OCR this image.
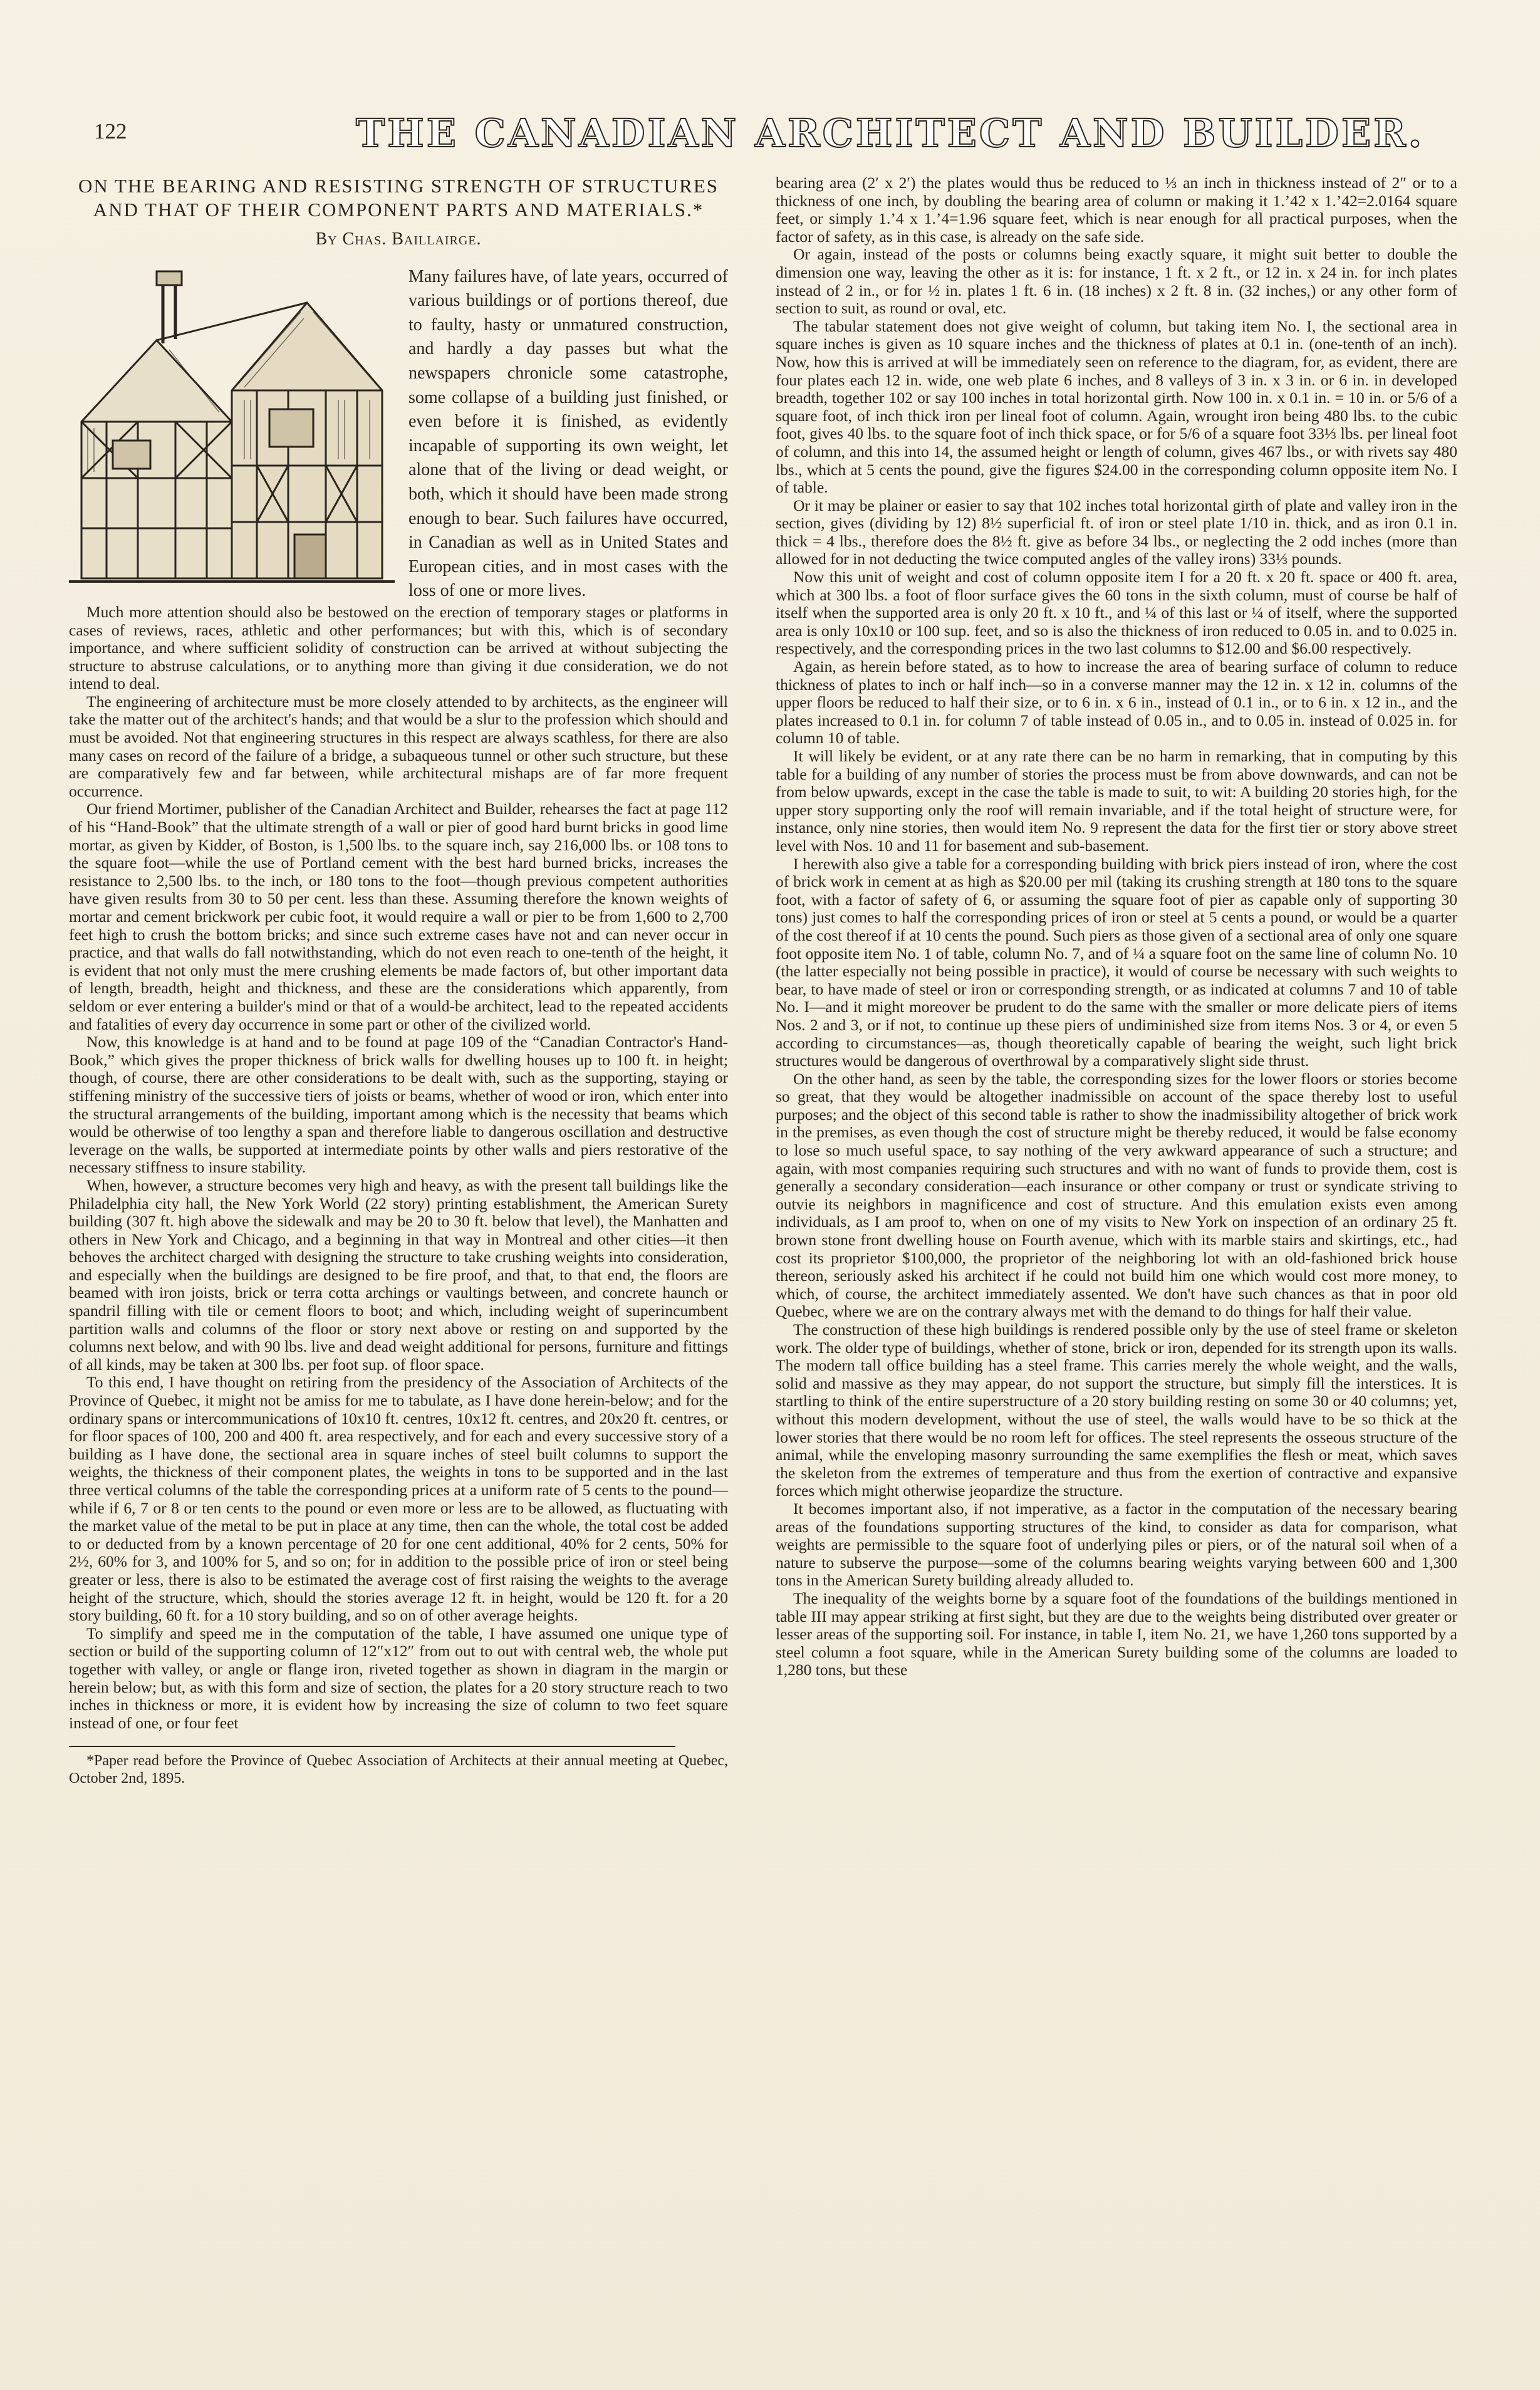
122	THE CANADIAN ARCHITECT AND BUILDER.
ON THE BEARING AND RESISTING STRENGTH OF STRUCTURES AND THAT OF THEIR COMPONENT PARTS AND MATERIALS.*
By Chas. Baillairge.

Many failures have, of late years, occurred of various buildings or of portions thereof, due to faulty, hasty or unmatured construction, and hardly a day passes but what the newspapers chronicle some catastrophe, some collapse of a building just finished, or even before it is finished, as evidently incapable of supporting its own weight, let alone that of the living or dead weight, or both, which it should have been made strong enough to bear. Such failures have occurred, in Canadian as well as in United States and European cities, and in most cases with the loss of one or more lives.

Much more attention should also be bestowed on the erection of temporary stages or platforms in cases of reviews, races, athletic and other performances; but with this, which is of secondary importance, and where sufficient solidity of construction can be arrived at without subjecting the structure to abstruse calculations, or to anything more than giving it due consideration, we do not intend to deal.

The engineering of architecture must be more closely attended to by architects, as the engineer will take the matter out of the architect's hands; and that would be a slur to the profession which should and must be avoided. Not that engineering structures in this respect are always scathless, for there are also many cases on record of the failure of a bridge, a subaqueous tunnel or other such structure, but these are comparatively few and far between, while architectural mishaps are of far more frequent occurrence.

Our friend Mortimer, publisher of the Canadian Architect and Builder, rehearses the fact at page 112 of his “Hand-Book” that the ultimate strength of a wall or pier of good hard burnt bricks in good lime mortar, as given by Kidder, of Boston, is 1,500 lbs. to the square inch, say 216,000 lbs. or 108 tons to the square foot—while the use of Portland cement with the best hard burned bricks, increases the resistance to 2,500 lbs. to the inch, or 180 tons to the foot—though previous competent authorities have given results from 30 to 50 per cent. less than these. Assuming therefore the known weights of mortar and cement brickwork per cubic foot, it would require a wall or pier to be from 1,600 to 2,700 feet high to crush the bottom bricks; and since such extreme cases have not and can never occur in practice, and that walls do fall notwithstanding, which do not even reach to one-tenth of the height, it is evident that not only must the mere crushing elements be made factors of, but other important data of length, breadth, height and thickness, and these are the considerations which apparently, from seldom or ever entering a builder's mind or that of a would-be architect, lead to the repeated accidents and fatalities of every day occurrence in some part or other of the civilized world.

Now, this knowledge is at hand and to be found at page 109 of the “Canadian Contractor's Hand-Book,” which gives the proper thickness of brick walls for dwelling houses up to 100 ft. in height; though, of course, there are other considerations to be dealt with, such as the supporting, staying or stiffening ministry of the successive tiers of joists or beams, whether of wood or iron, which enter into the structural arrangements of the building, important among which is the necessity that beams which would be otherwise of too lengthy a span and therefore liable to dangerous oscillation and destructive leverage on the walls, be supported at intermediate points by other walls and piers restorative of the necessary stiffness to insure stability.

When, however, a structure becomes very high and heavy, as with the present tall buildings like the Philadelphia city hall, the New York World (22 story) printing establishment, the American Surety building (307 ft. high above the sidewalk and may be 20 to 30 ft. below that level), the Manhatten and others in New York and Chicago, and a beginning in that way in Montreal and other cities—it then behoves the architect charged with designing the structure to take crushing weights into consideration, and especially when the buildings are designed to be fire proof, and that, to that end, the floors are beamed with iron joists, brick or terra cotta archings or vaultings between, and concrete haunch or spandril filling with tile or cement floors to boot; and which, including weight of superincumbent partition walls and columns of the floor or story next above or resting on and supported by the columns next below, and with 90 lbs. live and dead weight additional for persons, furniture and fittings of all kinds, may be taken at 300 lbs. per foot sup. of floor space.

To this end, I have thought on retiring from the presidency of the Association of Architects of the Province of Quebec, it might not be amiss for me to tabulate, as I have done herein-below; and for the ordinary spans or intercommunications of 10x10 ft. centres, 10x12 ft. centres, and 20x20 ft. centres, or for floor spaces of 100, 200 and 400 ft. area respectively, and for each and every successive story of a building as I have done, the sectional area in square inches of steel built columns to support the weights, the thickness of their component plates, the weights in tons to be supported and in the last three vertical columns of the table the corresponding prices at a uniform rate of 5 cents to the pound—while if 6, 7 or 8 or ten cents to the pound or even more or less are to be allowed, as fluctuating with the market value of the metal to be put in place at any time, then can the whole, the total cost be added to or deducted from by a known percentage of 20 for one cent additional, 40% for 2 cents, 50% for 2½, 60% for 3, and 100% for 5, and so on; for in addition to the possible price of iron or steel being greater or less, there is also to be estimated the average cost of first raising the weights to the average height of the structure, which, should the stories average 12 ft. in height, would be 120 ft. for a 20 story building, 60 ft. for a 10 story building, and so on of other average heights.

To simplify and speed me in the computation of the table, I have assumed one unique type of section or build of the supporting column of 12″x12″ from out to out with central web, the whole put together with valley, or angle or flange iron, riveted together as shown in diagram in the margin or herein below; but, as with this form and size of section, the plates for a 20 story structure reach to two inches in thickness or more, it is evident how by increasing the size of column to two feet square instead of one, or four feet

*Paper read before the Province of Quebec Association of Architects at their annual meeting at Quebec, October 2nd, 1895.

bearing area (2′ x 2′) the plates would thus be reduced to ⅓ an inch in thickness instead of 2″ or to a thickness of one inch, by doubling the bearing area of column or making it 1.’42 x 1.’42=2.0164 square feet, or simply 1.’4 x 1.’4=1.96 square feet, which is near enough for all practical purposes, when the factor of safety, as in this case, is already on the safe side.

Or again, instead of the posts or columns being exactly square, it might suit better to double the dimension one way, leaving the other as it is: for instance, 1 ft. x 2 ft., or 12 in. x 24 in. for inch plates instead of 2 in., or for ½ in. plates 1 ft. 6 in. (18 inches) x 2 ft. 8 in. (32 inches,) or any other form of section to suit, as round or oval, etc.

The tabular statement does not give weight of column, but taking item No. I, the sectional area in square inches is given as 10 square inches and the thickness of plates at 0.1 in. (one-tenth of an inch). Now, how this is arrived at will be immediately seen on reference to the diagram, for, as evident, there are four plates each 12 in. wide, one web plate 6 inches, and 8 valleys of 3 in. x 3 in. or 6 in. in developed breadth, together 102 or say 100 inches in total horizontal girth. Now 100 in. x 0.1 in. = 10 in. or 5/6 of a square foot, of inch thick iron per lineal foot of column. Again, wrought iron being 480 lbs. to the cubic foot, gives 40 lbs. to the square foot of inch thick space, or for 5/6 of a square foot 33⅓ lbs. per lineal foot of column, and this into 14, the assumed height or length of column, gives 467 lbs., or with rivets say 480 lbs., which at 5 cents the pound, give the figures $24.00 in the corresponding column opposite item No. I of table.

Or it may be plainer or easier to say that 102 inches total horizontal girth of plate and valley iron in the section, gives (dividing by 12) 8½ superficial ft. of iron or steel plate 1/10 in. thick, and as iron 0.1 in. thick = 4 lbs., therefore does the 8½ ft. give as before 34 lbs., or neglecting the 2 odd inches (more than allowed for in not deducting the twice computed angles of the valley irons) 33⅓ pounds.

Now this unit of weight and cost of column opposite item I for a 20 ft. x 20 ft. space or 400 ft. area, which at 300 lbs. a foot of floor surface gives the 60 tons in the sixth column, must of course be half of itself when the supported area is only 20 ft. x 10 ft., and ¼ of this last or ¼ of itself, where the supported area is only 10x10 or 100 sup. feet, and so is also the thickness of iron reduced to 0.05 in. and to 0.025 in. respectively, and the corresponding prices in the two last columns to $12.00 and $6.00 respectively.

Again, as herein before stated, as to how to increase the area of bearing surface of column to reduce thickness of plates to inch or half inch—so in a converse manner may the 12 in. x 12 in. columns of the upper floors be reduced to half their size, or to 6 in. x 6 in., instead of 0.1 in., or to 6 in. x 12 in., and the plates increased to 0.1 in. for column 7 of table instead of 0.05 in., and to 0.05 in. instead of 0.025 in. for column 10 of table.

It will likely be evident, or at any rate there can be no harm in remarking, that in computing by this table for a building of any number of stories the process must be from above downwards, and can not be from below upwards, except in the case the table is made to suit, to wit: A building 20 stories high, for the upper story supporting only the roof will remain invariable, and if the total height of structure were, for instance, only nine stories, then would item No. 9 represent the data for the first tier or story above street level with Nos. 10 and 11 for basement and sub-basement.

I herewith also give a table for a corresponding building with brick piers instead of iron, where the cost of brick work in cement at as high as $20.00 per mil (taking its crushing strength at 180 tons to the square foot, with a factor of safety of 6, or assuming the square foot of pier as capable only of supporting 30 tons) just comes to half the corresponding prices of iron or steel at 5 cents a pound, or would be a quarter of the cost thereof if at 10 cents the pound. Such piers as those given of a sectional area of only one square foot opposite item No. 1 of table, column No. 7, and of ¼ a square foot on the same line of column No. 10 (the latter especially not being possible in practice), it would of course be necessary with such weights to bear, to have made of steel or iron or corresponding strength, or as indicated at columns 7 and 10 of table No. I—and it might moreover be prudent to do the same with the smaller or more delicate piers of items Nos. 2 and 3, or if not, to continue up these piers of undiminished size from items Nos. 3 or 4, or even 5 according to circumstances—as, though theoretically capable of bearing the weight, such light brick structures would be dangerous of overthrowal by a comparatively slight side thrust.

On the other hand, as seen by the table, the corresponding sizes for the lower floors or stories become so great, that they would be altogether inadmissible on account of the space thereby lost to useful purposes; and the object of this second table is rather to show the inadmissibility altogether of brick work in the premises, as even though the cost of structure might be thereby reduced, it would be false economy to lose so much useful space, to say nothing of the very awkward appearance of such a structure; and again, with most companies requiring such structures and with no want of funds to provide them, cost is generally a secondary consideration—each insurance or other company or trust or syndicate striving to outvie its neighbors in magnificence and cost of structure. And this emulation exists even among individuals, as I am proof to, when on one of my visits to New York on inspection of an ordinary 25 ft. brown stone front dwelling house on Fourth avenue, which with its marble stairs and skirtings, etc., had cost its proprietor $100,000, the proprietor of the neighboring lot with an old-fashioned brick house thereon, seriously asked his architect if he could not build him one which would cost more money, to which, of course, the architect immediately assented. We don't have such chances as that in poor old Quebec, where we are on the contrary always met with the demand to do things for half their value.

The construction of these high buildings is rendered possible only by the use of steel frame or skeleton work. The older type of buildings, whether of stone, brick or iron, depended for its strength upon its walls. The modern tall office building has a steel frame. This carries merely the whole weight, and the walls, solid and massive as they may appear, do not support the structure, but simply fill the interstices. It is startling to think of the entire superstructure of a 20 story building resting on some 30 or 40 columns; yet, without this modern development, without the use of steel, the walls would have to be so thick at the lower stories that there would be no room left for offices. The steel represents the osseous structure of the animal, while the enveloping masonry surrounding the same exemplifies the flesh or meat, which saves the skeleton from the extremes of temperature and thus from the exertion of contractive and expansive forces which might otherwise jeopardize the structure.

It becomes important also, if not imperative, as a factor in the computation of the necessary bearing areas of the foundations supporting structures of the kind, to consider as data for comparison, what weights are permissible to the square foot of underlying piles or piers, or of the natural soil when of a nature to subserve the purpose—some of the columns bearing weights varying between 600 and 1,300 tons in the American Surety building already alluded to.

The inequality of the weights borne by a square foot of the foundations of the buildings mentioned in table III may appear striking at first sight, but they are due to the weights being distributed over greater or lesser areas of the supporting soil. For instance, in table I, item No. 21, we have 1,260 tons supported by a steel column a foot square, while in the American Surety building some of the columns are loaded to 1,280 tons, but these
